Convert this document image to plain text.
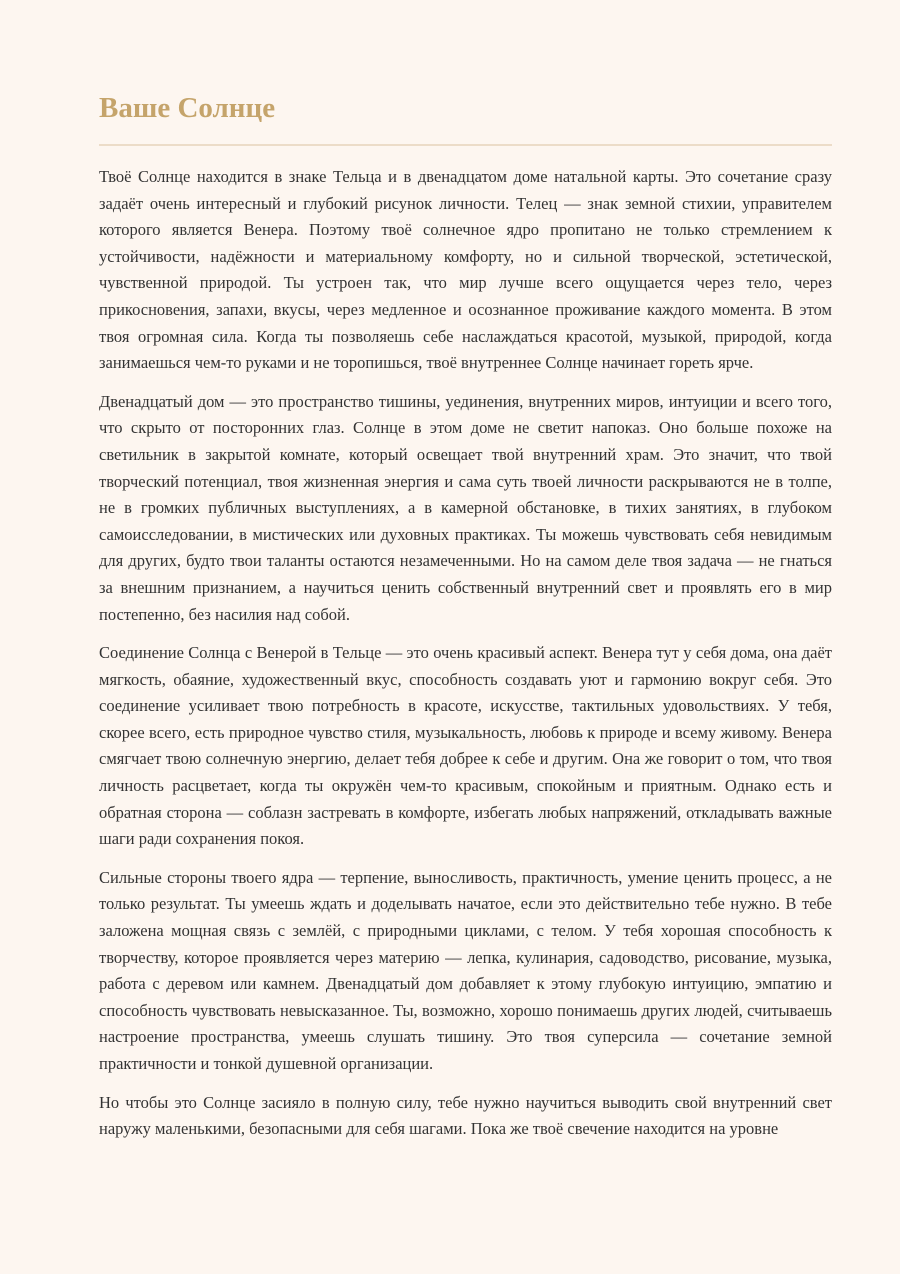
Ваше Солнце

Твоё Солнце находится в знаке Тельца и в двенадцатом доме натальной карты. Это сочетание сразу задаёт очень интересный и глубокий рисунок личности. Телец — знак земной стихии, управителем которого является Венера. Поэтому твоё солнечное ядро пропитано не только стремлением к устойчивости, надёжности и материальному комфорту, но и сильной творческой, эстетической, чувственной природой. Ты устроен так, что мир лучше всего ощущается через тело, через прикосновения, запахи, вкусы, через медленное и осознанное проживание каждого момента. В этом твоя огромная сила. Когда ты позволяешь себе наслаждаться красотой, музыкой, природой, когда занимаешься чем-то руками и не торопишься, твоё внутреннее Солнце начинает гореть ярче.

Двенадцатый дом — это пространство тишины, уединения, внутренних миров, интуиции и всего того, что скрыто от посторонних глаз. Солнце в этом доме не светит напоказ. Оно больше похоже на светильник в закрытой комнате, который освещает твой внутренний храм. Это значит, что твой творческий потенциал, твоя жизненная энергия и сама суть твоей личности раскрываются не в толпе, не в громких публичных выступлениях, а в камерной обстановке, в тихих занятиях, в глубоком самоисследовании, в мистических или духовных практиках. Ты можешь чувствовать себя невидимым для других, будто твои таланты остаются незамеченными. Но на самом деле твоя задача — не гнаться за внешним признанием, а научиться ценить собственный внутренний свет и проявлять его в мир постепенно, без насилия над собой.

Соединение Солнца с Венерой в Тельце — это очень красивый аспект. Венера тут у себя дома, она даёт мягкость, обаяние, художественный вкус, способность создавать уют и гармонию вокруг себя. Это соединение усиливает твою потребность в красоте, искусстве, тактильных удовольствиях. У тебя, скорее всего, есть природное чувство стиля, музыкальность, любовь к природе и всему живому. Венера смягчает твою солнечную энергию, делает тебя добрее к себе и другим. Она же говорит о том, что твоя личность расцветает, когда ты окружён чем-то красивым, спокойным и приятным. Однако есть и обратная сторона — соблазн застревать в комфорте, избегать любых напряжений, откладывать важные шаги ради сохранения покоя.

Сильные стороны твоего ядра — терпение, выносливость, практичность, умение ценить процесс, а не только результат. Ты умеешь ждать и доделывать начатое, если это действительно тебе нужно. В тебе заложена мощная связь с землёй, с природными циклами, с телом. У тебя хорошая способность к творчеству, которое проявляется через материю — лепка, кулинария, садоводство, рисование, музыка, работа с деревом или камнем. Двенадцатый дом добавляет к этому глубокую интуицию, эмпатию и способность чувствовать невысказанное. Ты, возможно, хорошо понимаешь других людей, считываешь настроение пространства, умеешь слушать тишину. Это твоя суперсила — сочетание земной практичности и тонкой душевной организации.

Но чтобы это Солнце засияло в полную силу, тебе нужно научиться выводить свой внутренний свет наружу маленькими, безопасными для себя шагами. Пока же твоё свечение находится на уровне
